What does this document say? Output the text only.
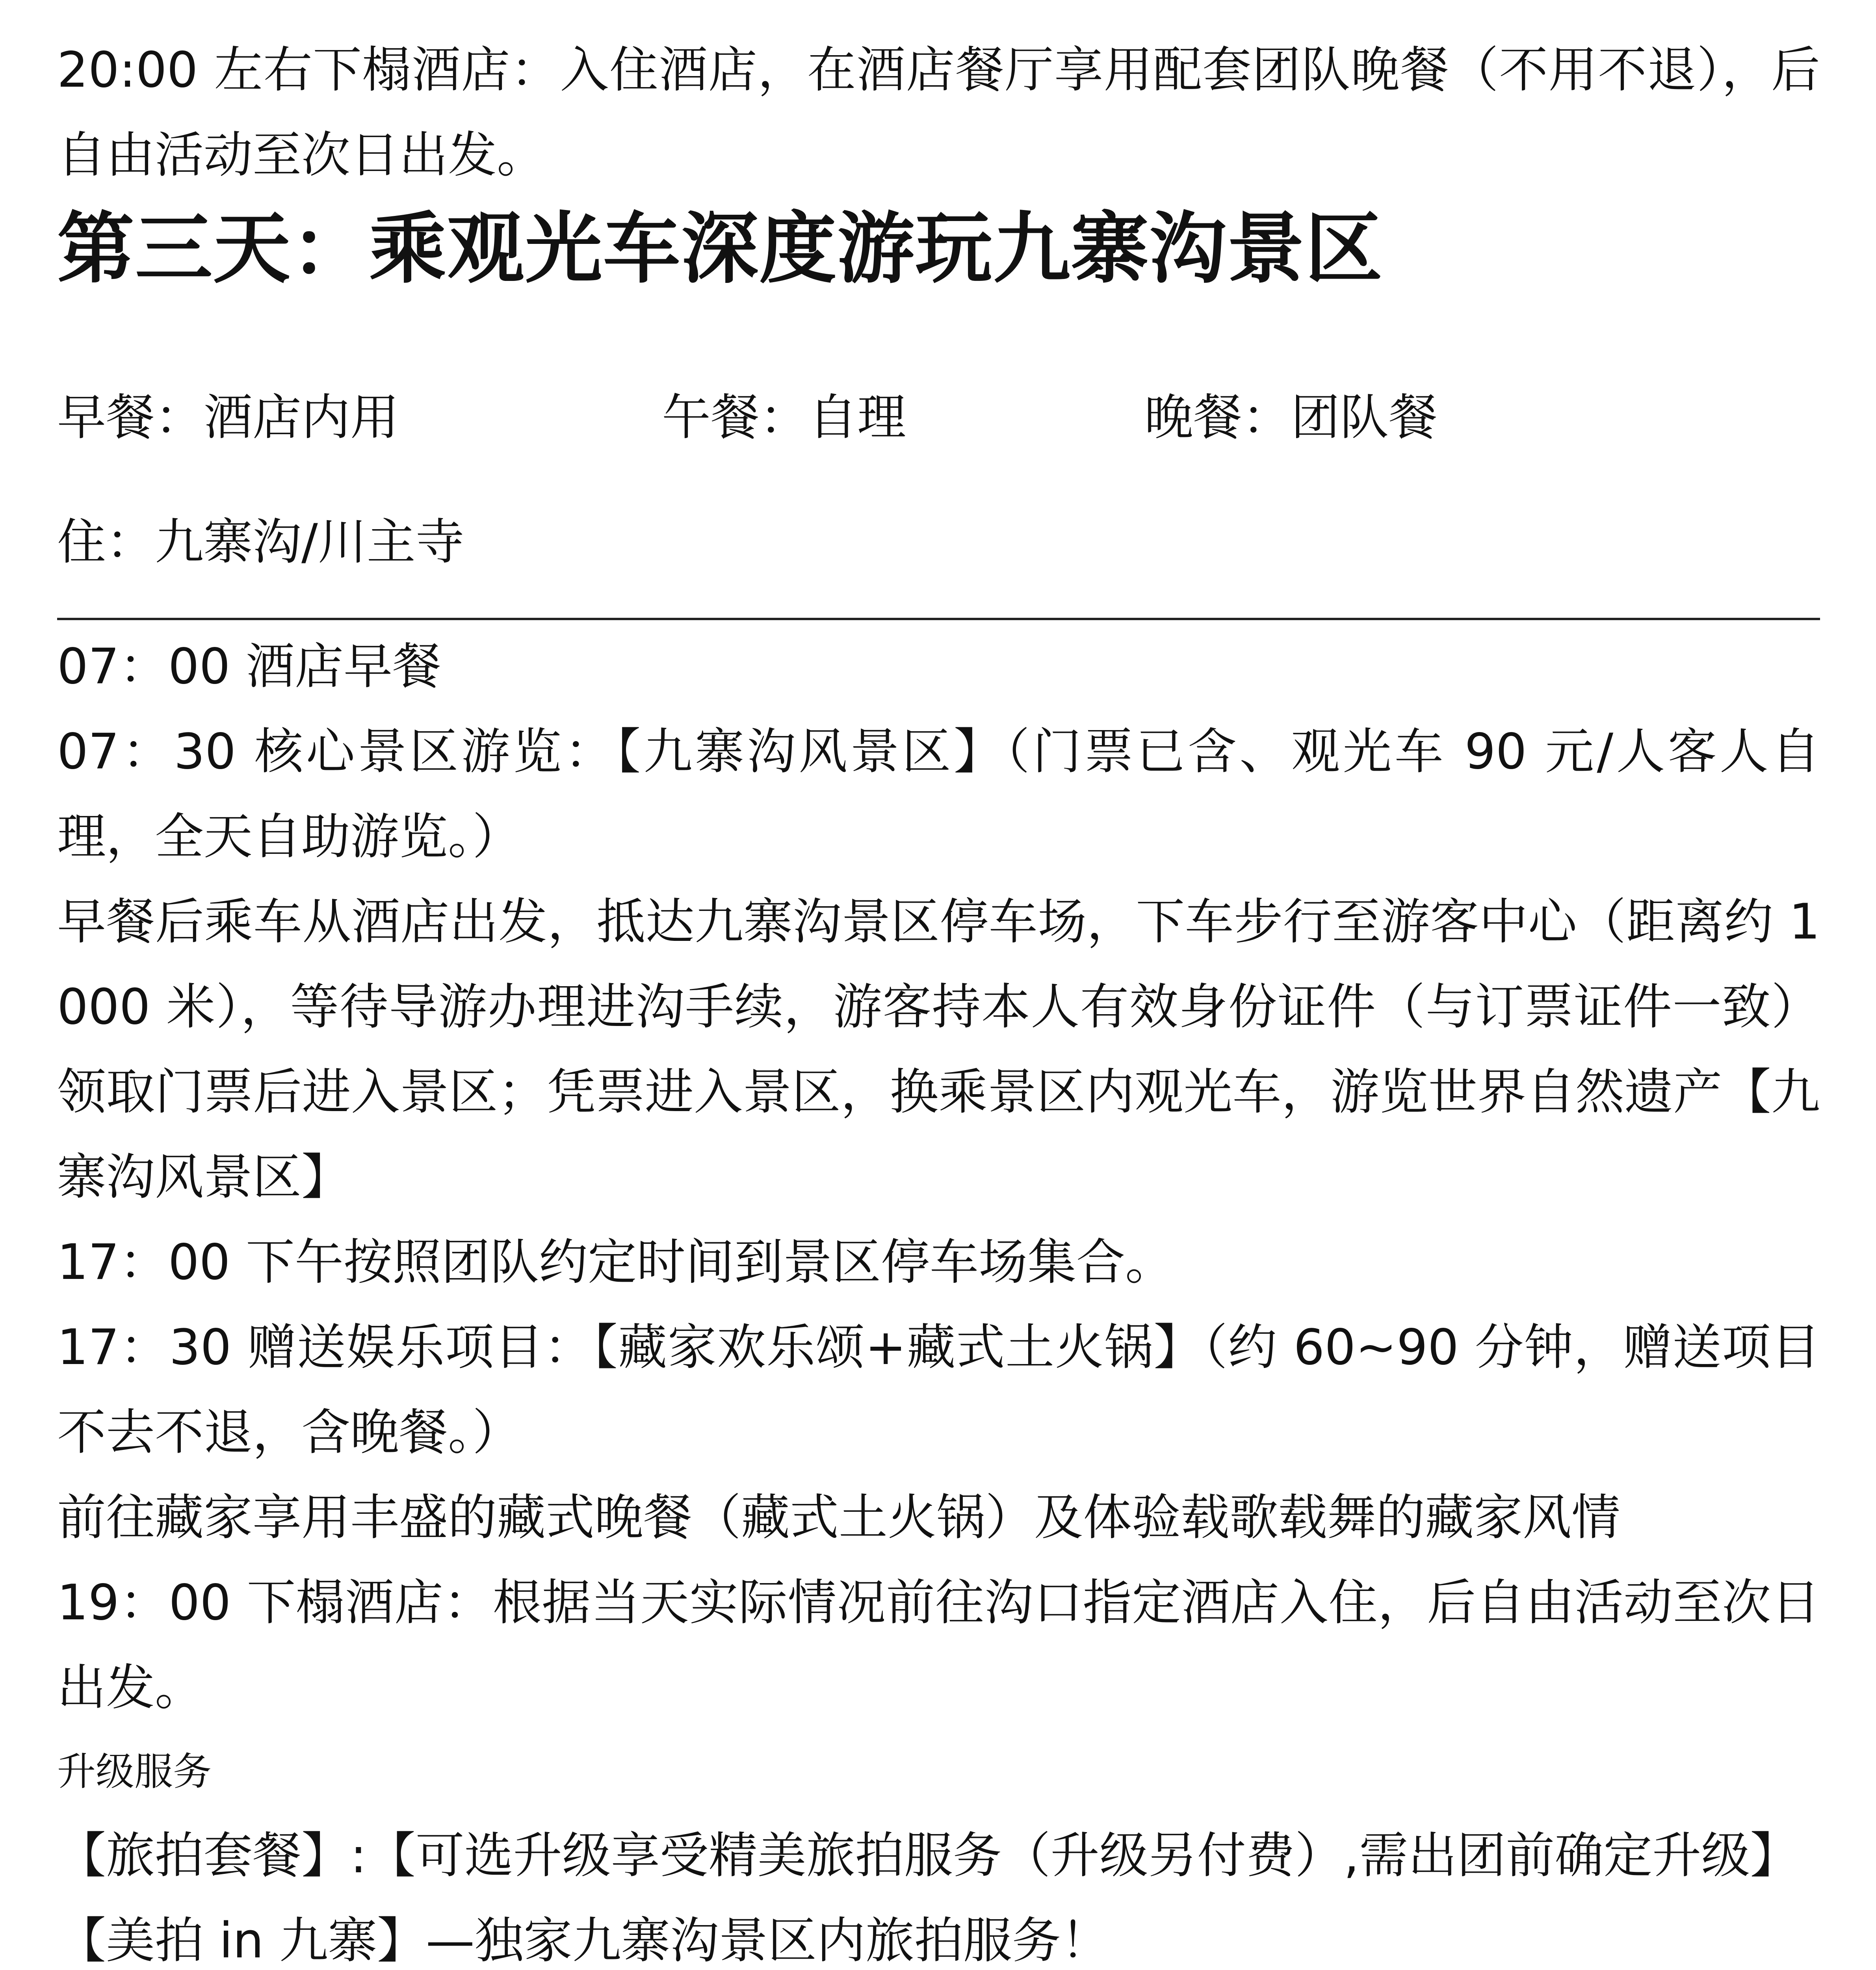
20:00 左右下榻酒店：入住酒店，在酒店餐厅享用配套团队晚餐（不用不退），后自由活动至次日出发。

第三天：乘观光车深度游玩九寨沟景区
早餐：酒店内用	午餐：自理	晚餐：团队餐

住：九寨沟/川主寺

07：00 酒店早餐

07：30 核心景区游览：【九寨沟风景区】（门票已含、观光车 90 元/人客人自理，全天自助游览。）

早餐后乘车从酒店出发，抵达九寨沟景区停车场，下车步行至游客中心（距离约 1000 米），等待导游办理进沟手续，游客持本人有效身份证件（与订票证件一致）领取门票后进入景区；凭票进入景区，换乘景区内观光车，游览世界自然遗产【九寨沟风景区】

17：00 下午按照团队约定时间到景区停车场集合。

17：30 赠送娱乐项目：【藏家欢乐颂+藏式土火锅】（约 60~90 分钟，赠送项目不去不退，含晚餐。）

前往藏家享用丰盛的藏式晚餐（藏式土火锅）及体验载歌载舞的藏家风情

19：00 下榻酒店：根据当天实际情况前往沟口指定酒店入住，后自由活动至次日出发。

升级服务

【旅拍套餐】:【可选升级享受精美旅拍服务（升级另付费）,需出团前确定升级】

【美拍 in 九寨】—独家九寨沟景区内旅拍服务！
